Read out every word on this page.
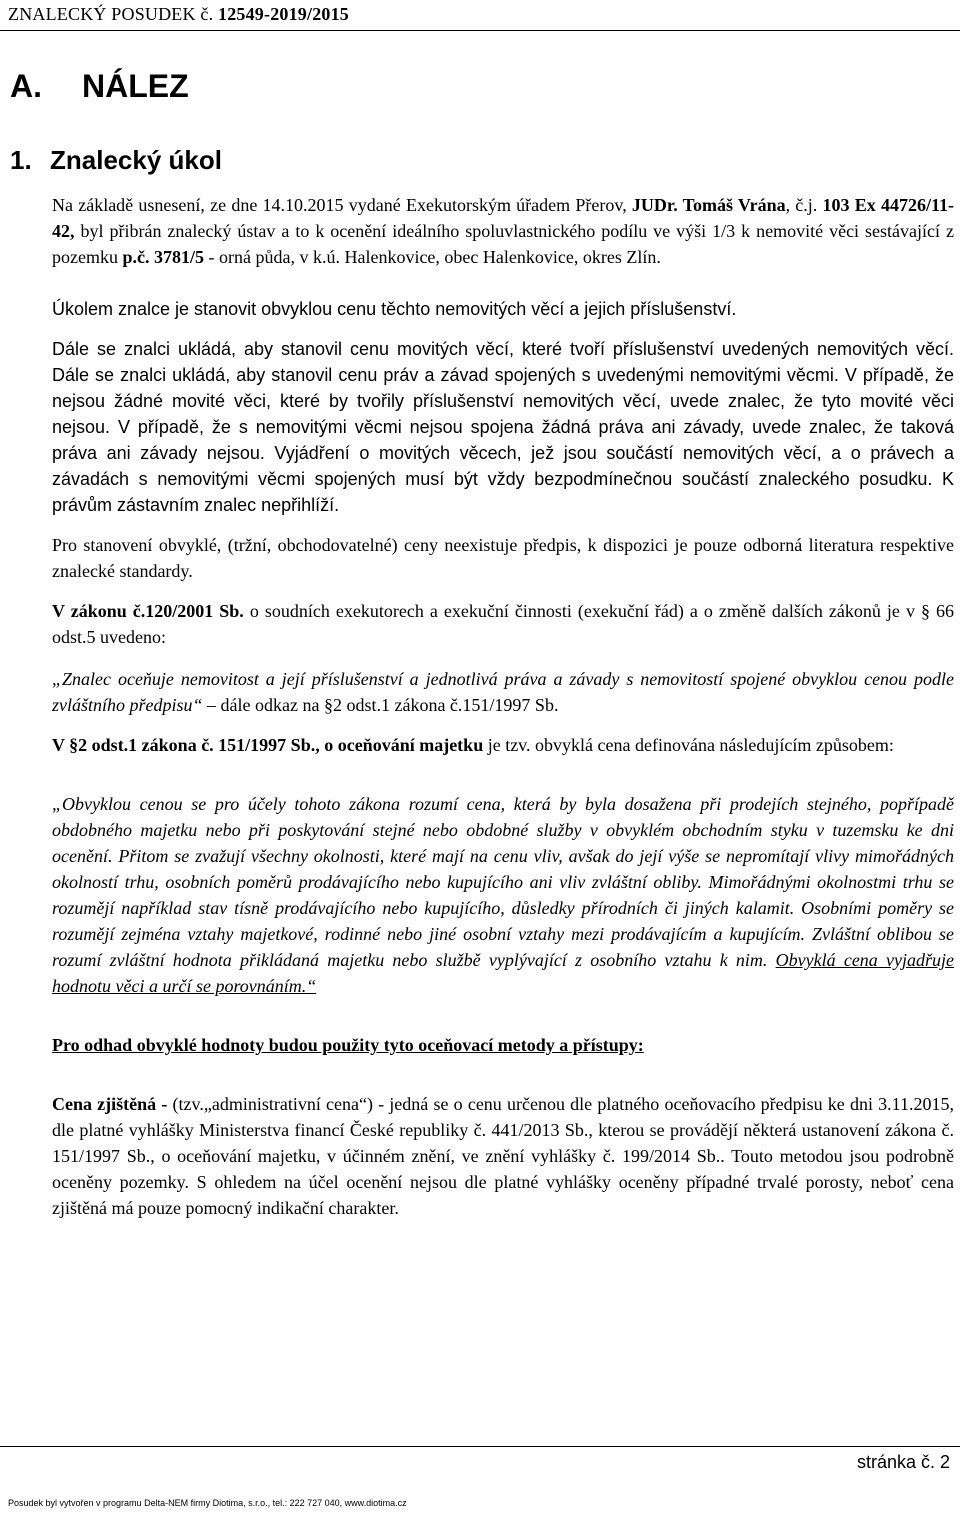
ZNALECKÝ POSUDEK č. 12549-2019/2015
A. NÁLEZ
1. Znalecký úkol

Na základě usnesení, ze dne 14.10.2015 vydané Exekutorským úřadem Přerov, JUDr. Tomáš Vrána, č.j. 103 Ex 44726/11-42, byl přibrán znalecký ústav a to k ocenění ideálního spoluvlastnického podílu ve výši 1/3 k nemovité věci sestávající z pozemku p.č. 3781/5 - orná půda, v k.ú. Halenkovice, obec Halenkovice, okres Zlín.

Úkolem znalce je stanovit obvyklou cenu těchto nemovitých věcí a jejich příslušenství.

Dále se znalci ukládá, aby stanovil cenu movitých věcí, které tvoří příslušenství uvedených nemovitých věcí. Dále se znalci ukládá, aby stanovil cenu práv a závad spojených s uvedenými nemovitými věcmi. V případě, že nejsou žádné movité věci, které by tvořily příslušenství nemovitých věcí, uvede znalec, že tyto movité věci nejsou. V případě, že s nemovitými věcmi nejsou spojena žádná práva ani závady, uvede znalec, že taková práva ani závady nejsou. Vyjádření o movitých věcech, jež jsou součástí nemovitých věcí, a o právech a závadách s nemovitými věcmi spojených musí být vždy bezpodmínečnou součástí znaleckého posudku. K právům zástavním znalec nepřihlíží.

Pro stanovení obvyklé, (tržní, obchodovatelné) ceny neexistuje předpis, k dispozici je pouze odborná literatura respektive znalecké standardy.

V zákonu č.120/2001 Sb. o soudních exekutorech a exekuční činnosti (exekuční řád) a o změně dalších zákonů je v § 66 odst.5 uvedeno:

„Znalec oceňuje nemovitost a její příslušenství a jednotlivá práva a závady s nemovitostí spojené obvyklou cenou podle zvláštního předpisu“ – dále odkaz na §2 odst.1 zákona č.151/1997 Sb.

V §2 odst.1 zákona č. 151/1997 Sb., o oceňování majetku je tzv. obvyklá cena definována následujícím způsobem:

„Obvyklou cenou se pro účely tohoto zákona rozumí cena, která by byla dosažena při prodejích stejného, popřípadě obdobného majetku nebo při poskytování stejné nebo obdobné služby v obvyklém obchodním styku v tuzemsku ke dni ocenění. Přitom se zvažují všechny okolnosti, které mají na cenu vliv, avšak do její výše se nepromítají vlivy mimořádných okolností trhu, osobních poměrů prodávajícího nebo kupujícího ani vliv zvláštní obliby. Mimořádnými okolnostmi trhu se rozumějí například stav tísně prodávajícího nebo kupujícího, důsledky přírodních či jiných kalamit. Osobními poměry se rozumějí zejména vztahy majetkové, rodinné nebo jiné osobní vztahy mezi prodávajícím a kupujícím. Zvláštní oblibou se rozumí zvláštní hodnota přikládaná majetku nebo službě vyplývající z osobního vztahu k nim. Obvyklá cena vyjadřuje hodnotu věci a určí se porovnáním.“

Pro odhad obvyklé hodnoty budou použity tyto oceňovací metody a přístupy:

Cena zjištěná - (tzv.„administrativní cena“) - jedná se o cenu určenou dle platného oceňovacího předpisu ke dni 3.11.2015, dle platné vyhlášky Ministerstva financí České republiky č. 441/2013 Sb., kterou se provádějí některá ustanovení zákona č. 151/1997 Sb., o oceňování majetku, v účinném znění, ve znění vyhlášky č. 199/2014 Sb.. Touto metodou jsou podrobně oceněny pozemky. S ohledem na účel ocenění nejsou dle platné vyhlášky oceněny případné trvalé porosty, neboť cena zjištěná má pouze pomocný indikační charakter.

stránka č. 2
Posudek byl vytvořen v programu Delta-NEM firmy Diotima, s.r.o., tel.: 222 727 040, www.diotima.cz
